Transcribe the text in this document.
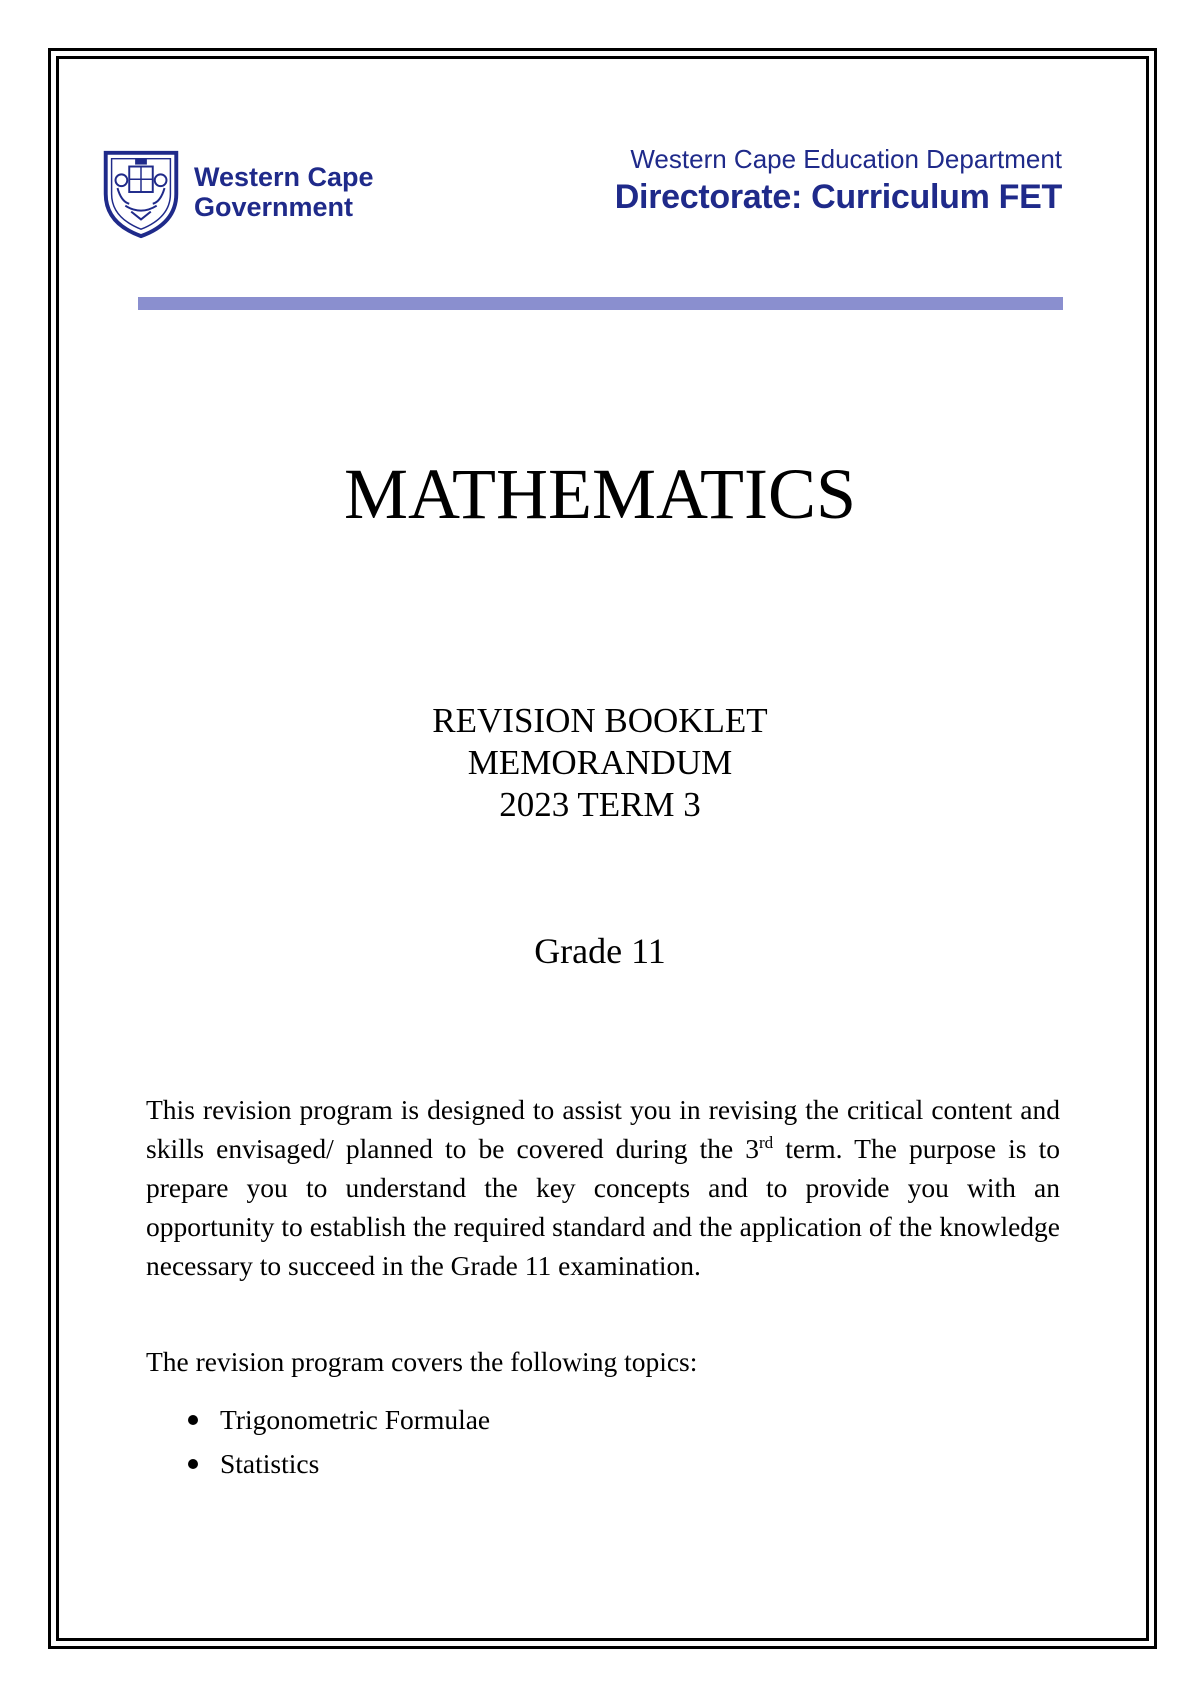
Western Cape
Government
Western Cape Education Department
Directorate: Curriculum FET
MATHEMATICS
REVISION BOOKLET
MEMORANDUM
2023 TERM 3
Grade 11
This revision program is designed to assist you in revising the critical content and skills envisaged/ planned to be covered during the 3rd term. The purpose is to prepare you to understand the key concepts and to provide you with an opportunity to establish the required standard and the application of the knowledge necessary to succeed in the Grade 11 examination.
The revision program covers the following topics:
Trigonometric Formulae
Statistics
